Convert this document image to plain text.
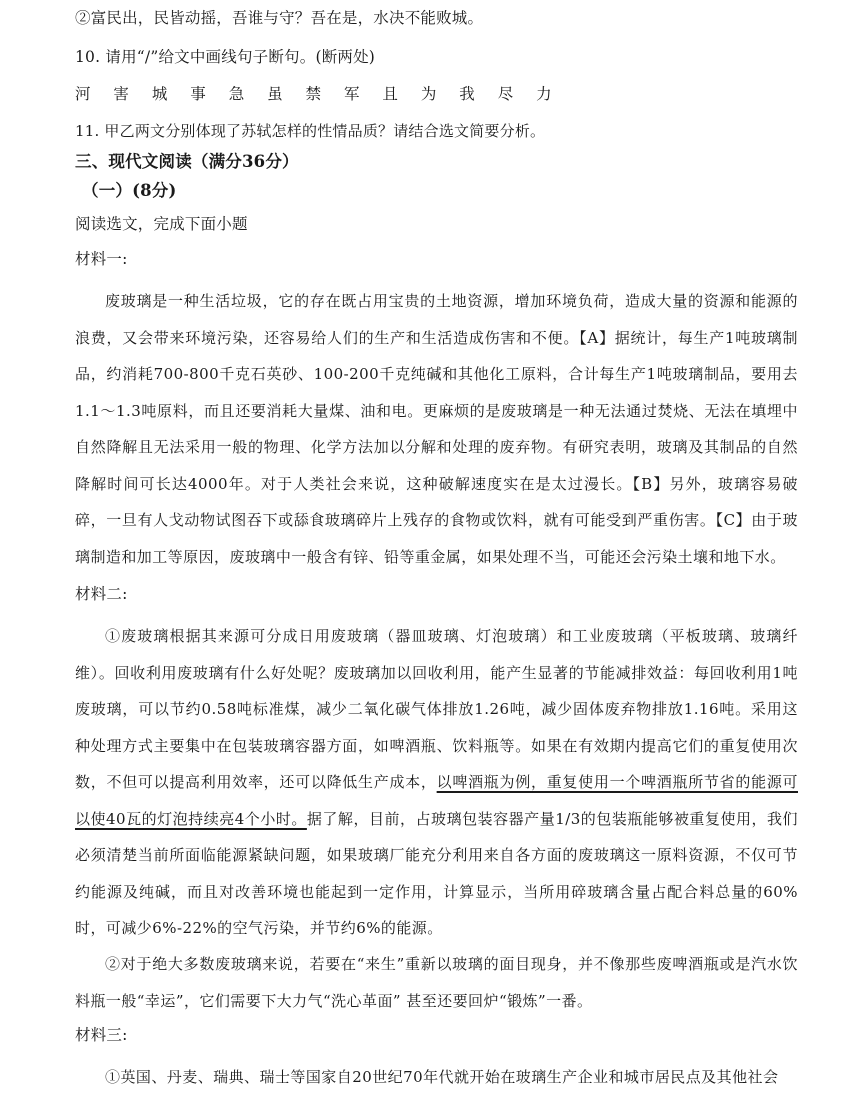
②富民出，民皆动摇，吾谁与守？吾在是，水决不能败城。
10. 请用“/”给文中画线句子断句。(断两处)
河 害 城 事 急 虽 禁 军 且 为 我 尽 力
11. 甲乙两文分别体现了苏轼怎样的性情品质？请结合选文简要分析。
三、现代文阅读（满分36分）
（一）(8分)
阅读选文，完成下面小题
材料一:
废玻璃是一种生活垃圾，它的存在既占用宝贵的土地资源，增加环境负荷，造成大量的资源和能源的浪费，又会带来环境污染，还容易给人们的生产和生活造成伤害和不便。【A】据统计，每生产1吨玻璃制品，约消耗700-800千克石英砂、100-200千克纯碱和其他化工原料，合计每生产1吨玻璃制品，要用去1.1～1.3吨原料，而且还要消耗大量煤、油和电。更麻烦的是废玻璃是一种无法通过焚烧、无法在填埋中自然降解且无法采用一般的物理、化学方法加以分解和处理的废弃物。有研究表明，玻璃及其制品的自然降解时间可长达4000年。对于人类社会来说，这种破解速度实在是太过漫长。【B】另外，玻璃容易破碎，一旦有人戈动物试图吞下或舔食玻璃碎片上残存的食物或饮料，就有可能受到严重伤害。【C】由于玻璃制造和加工等原因，废玻璃中一般含有锌、铅等重金属，如果处理不当，可能还会污染土壤和地下水。
材料二:
①废玻璃根据其来源可分成日用废玻璃（器皿玻璃、灯泡玻璃）和工业废玻璃（平板玻璃、玻璃纤维）。回收利用废玻璃有什么好处呢？废玻璃加以回收利用，能产生显著的节能减排效益：每回收利用1吨废玻璃，可以节约0.58吨标准煤，减少二氧化碳气体排放1.26吨，减少固体废弃物排放1.16吨。采用这种处理方式主要集中在包装玻璃容器方面，如啤酒瓶、饮料瓶等。如果在有效期内提高它们的重复使用次数，不但可以提高利用效率，还可以降低生产成本，以啤酒瓶为例，重复使用一个啤酒瓶所节省的能源可以使40瓦的灯泡持续亮4个小时。据了解，目前，占玻璃包装容器产量1/3的包装瓶能够被重复使用，我们必须清楚当前所面临能源紧缺问题，如果玻璃厂能充分利用来自各方面的废玻璃这一原料资源，不仅可节约能源及纯碱，而且对改善环境也能起到一定作用，计算显示，当所用碎玻璃含量占配合料总量的60%时，可减少6%-22%的空气污染，并节约6%的能源。
②对于绝大多数废玻璃来说，若要在“来生”重新以玻璃的面目现身，并不像那些废啤酒瓶或是汽水饮料瓶一般“幸运”，它们需要下大力气“洗心革面” 甚至还要回炉“锻炼”一番。
材料三:
①英国、丹麦、瑞典、瑞士等国家自20世纪70年代就开始在玻璃生产企业和城市居民点及其他社会
